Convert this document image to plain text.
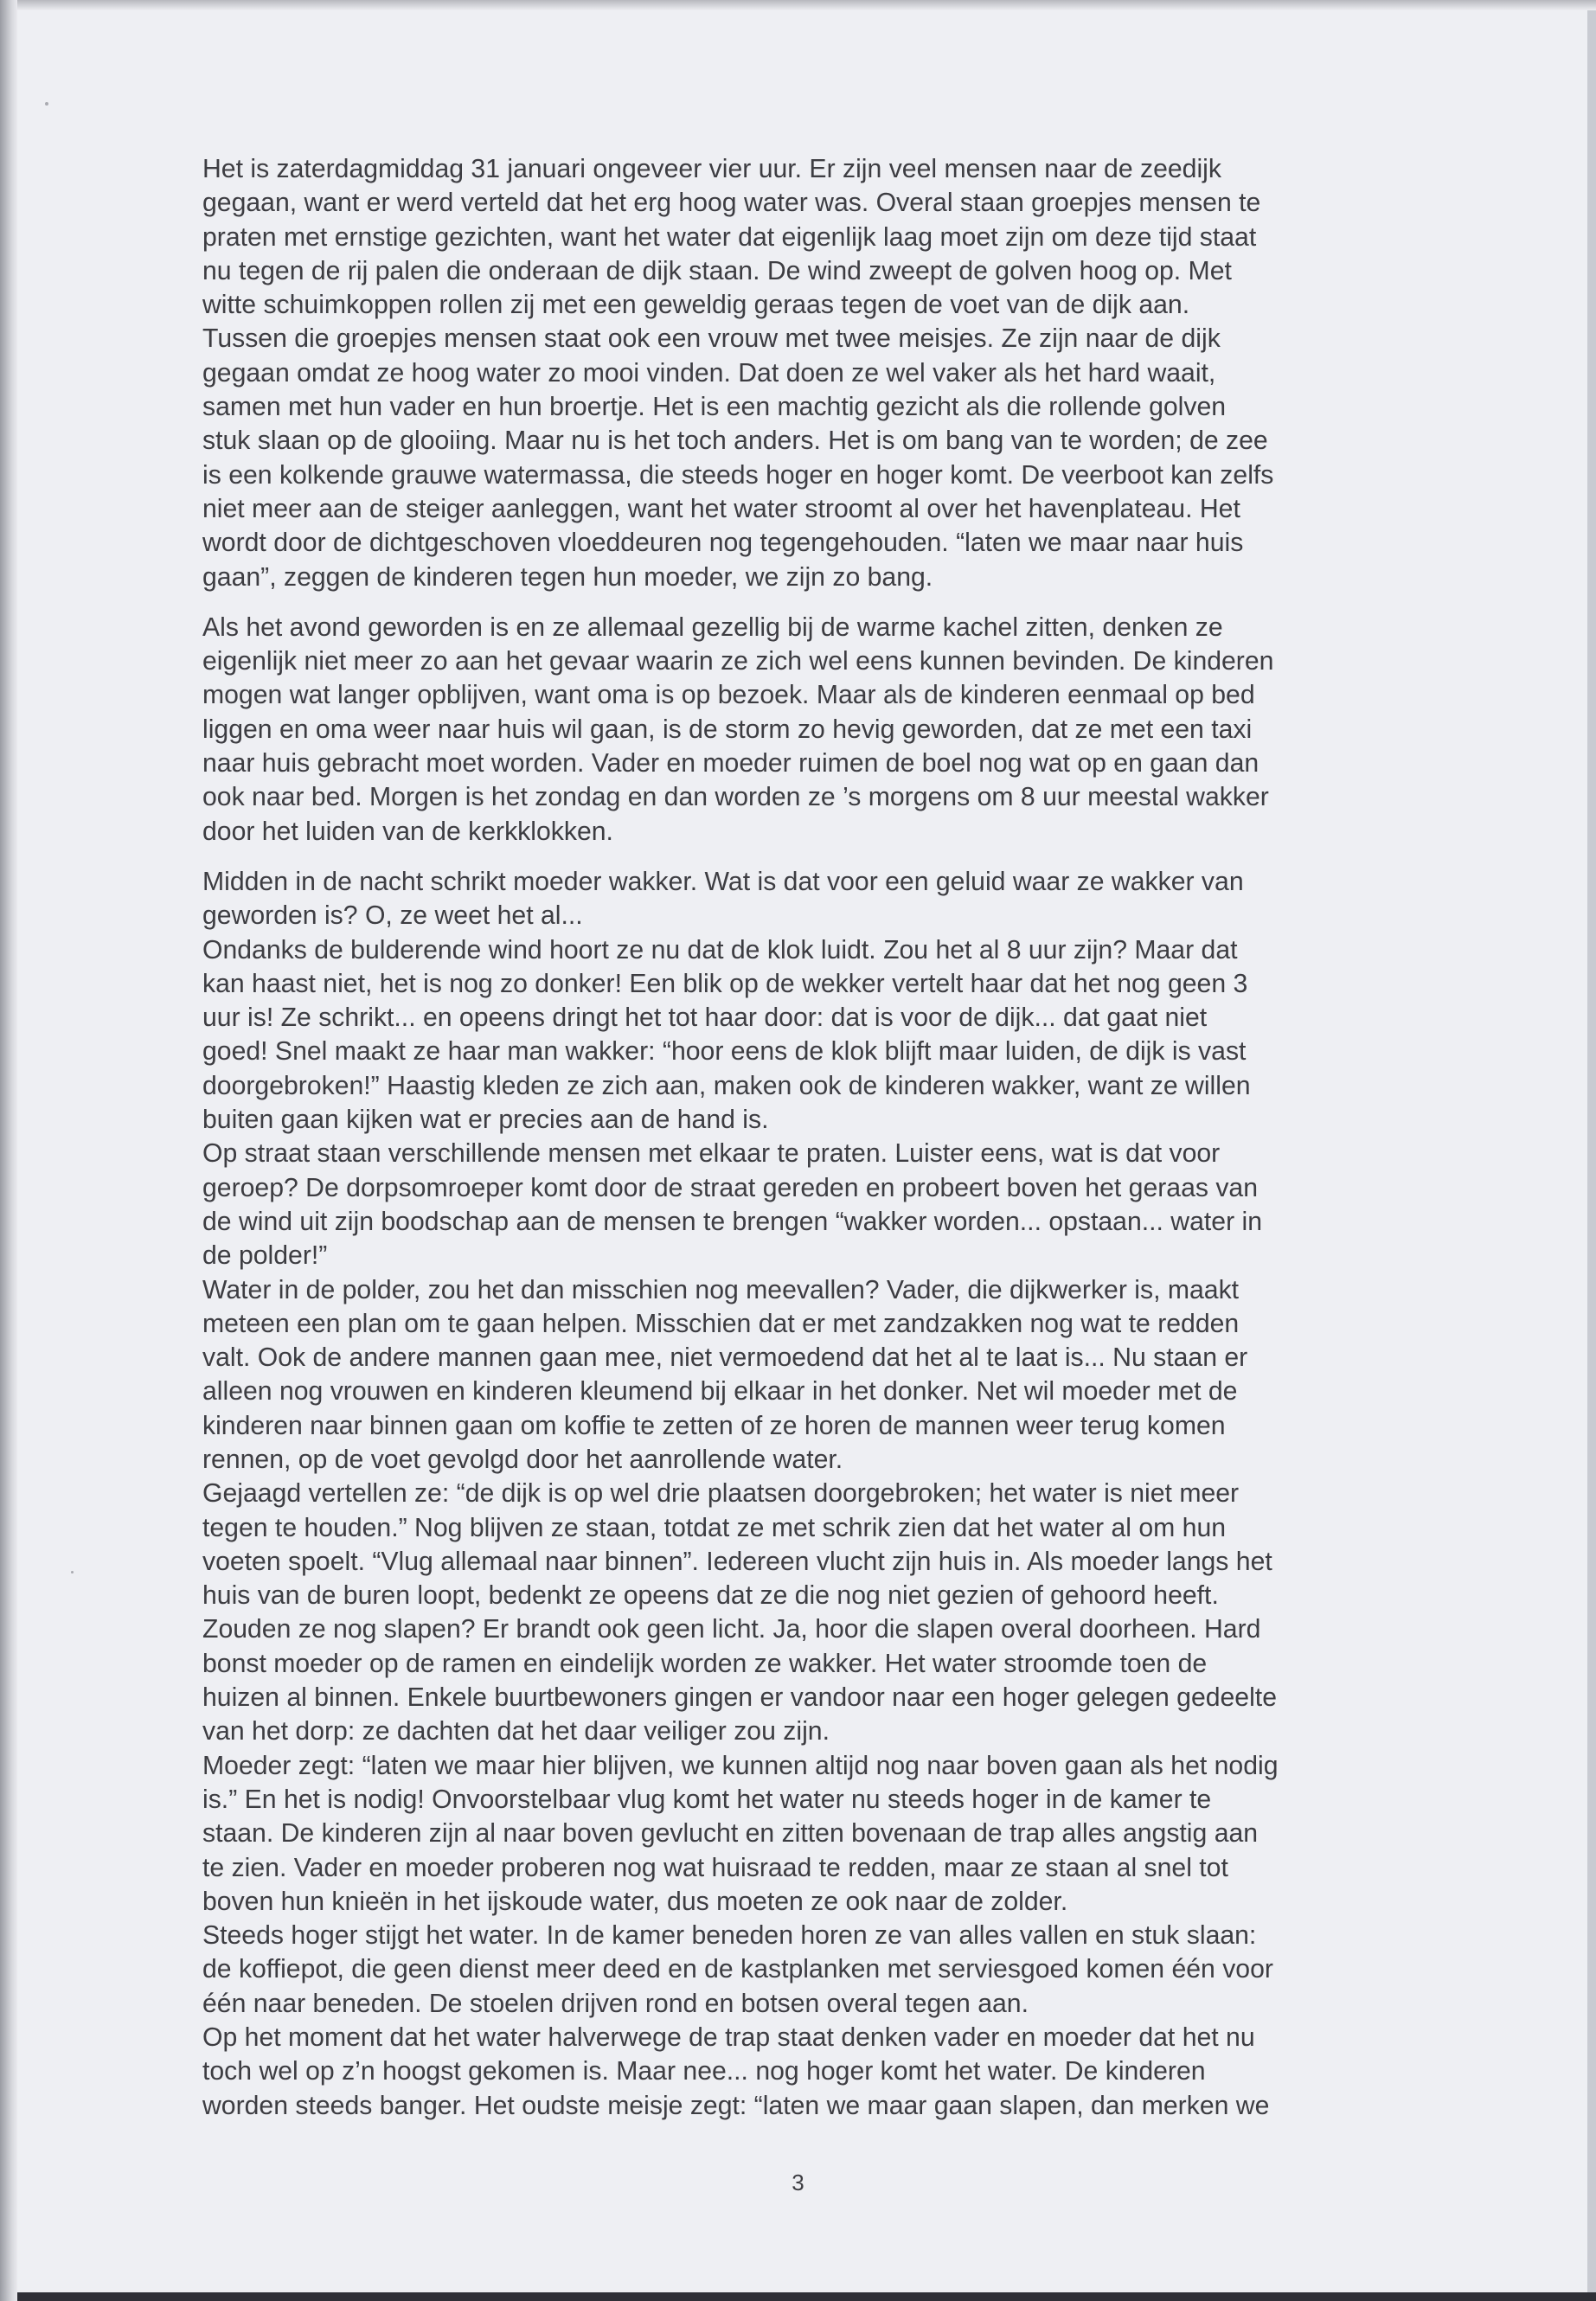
Het is zaterdagmiddag 31 januari ongeveer vier uur. Er zijn veel mensen naar de zeedijk
gegaan, want er werd verteld dat het erg hoog water was. Overal staan groepjes mensen te
praten met ernstige gezichten, want het water dat eigenlijk laag moet zijn om deze tijd staat
nu tegen de rij palen die onderaan de dijk staan. De wind zweept de golven hoog op. Met
witte schuimkoppen rollen zij met een geweldig geraas tegen de voet van de dijk aan.
Tussen die groepjes mensen staat ook een vrouw met twee meisjes. Ze zijn naar de dijk
gegaan omdat ze hoog water zo mooi vinden. Dat doen ze wel vaker als het hard waait,
samen met hun vader en hun broertje. Het is een machtig gezicht als die rollende golven
stuk slaan op de glooiing. Maar nu is het toch anders. Het is om bang van te worden; de zee
is een kolkende grauwe watermassa, die steeds hoger en hoger komt. De veerboot kan zelfs
niet meer aan de steiger aanleggen, want het water stroomt al over het havenplateau. Het
wordt door de dichtgeschoven vloeddeuren nog tegengehouden. “laten we maar naar huis
gaan”, zeggen de kinderen tegen hun moeder, we zijn zo bang.
Als het avond geworden is en ze allemaal gezellig bij de warme kachel zitten, denken ze
eigenlijk niet meer zo aan het gevaar waarin ze zich wel eens kunnen bevinden. De kinderen
mogen wat langer opblijven, want oma is op bezoek. Maar als de kinderen eenmaal op bed
liggen en oma weer naar huis wil gaan, is de storm zo hevig geworden, dat ze met een taxi
naar huis gebracht moet worden. Vader en moeder ruimen de boel nog wat op en gaan dan
ook naar bed. Morgen is het zondag en dan worden ze ’s morgens om 8 uur meestal wakker
door het luiden van de kerkklokken.
Midden in de nacht schrikt moeder wakker. Wat is dat voor een geluid waar ze wakker van
geworden is? O, ze weet het al...
Ondanks de bulderende wind hoort ze nu dat de klok luidt. Zou het al 8 uur zijn? Maar dat
kan haast niet, het is nog zo donker! Een blik op de wekker vertelt haar dat het nog geen 3
uur is! Ze schrikt... en opeens dringt het tot haar door: dat is voor de dijk... dat gaat niet
goed! Snel maakt ze haar man wakker: “hoor eens de klok blijft maar luiden, de dijk is vast
doorgebroken!” Haastig kleden ze zich aan, maken ook de kinderen wakker, want ze willen
buiten gaan kijken wat er precies aan de hand is.
Op straat staan verschillende mensen met elkaar te praten. Luister eens, wat is dat voor
geroep? De dorpsomroeper komt door de straat gereden en probeert boven het geraas van
de wind uit zijn boodschap aan de mensen te brengen “wakker worden... opstaan... water in
de polder!”
Water in de polder, zou het dan misschien nog meevallen? Vader, die dijkwerker is, maakt
meteen een plan om te gaan helpen. Misschien dat er met zandzakken nog wat te redden
valt. Ook de andere mannen gaan mee, niet vermoedend dat het al te laat is... Nu staan er
alleen nog vrouwen en kinderen kleumend bij elkaar in het donker. Net wil moeder met de
kinderen naar binnen gaan om koffie te zetten of ze horen de mannen weer terug komen
rennen, op de voet gevolgd door het aanrollende water.
Gejaagd vertellen ze: “de dijk is op wel drie plaatsen doorgebroken; het water is niet meer
tegen te houden.” Nog blijven ze staan, totdat ze met schrik zien dat het water al om hun
voeten spoelt. “Vlug allemaal naar binnen”. Iedereen vlucht zijn huis in. Als moeder langs het
huis van de buren loopt, bedenkt ze opeens dat ze die nog niet gezien of gehoord heeft.
Zouden ze nog slapen? Er brandt ook geen licht. Ja, hoor die slapen overal doorheen. Hard
bonst moeder op de ramen en eindelijk worden ze wakker. Het water stroomde toen de
huizen al binnen. Enkele buurtbewoners gingen er vandoor naar een hoger gelegen gedeelte
van het dorp: ze dachten dat het daar veiliger zou zijn.
Moeder zegt: “laten we maar hier blijven, we kunnen altijd nog naar boven gaan als het nodig
is.” En het is nodig! Onvoorstelbaar vlug komt het water nu steeds hoger in de kamer te
staan. De kinderen zijn al naar boven gevlucht en zitten bovenaan de trap alles angstig aan
te zien. Vader en moeder proberen nog wat huisraad te redden, maar ze staan al snel tot
boven hun knieën in het ijskoude water, dus moeten ze ook naar de zolder.
Steeds hoger stijgt het water. In de kamer beneden horen ze van alles vallen en stuk slaan:
de koffiepot, die geen dienst meer deed en de kastplanken met serviesgoed komen één voor
één naar beneden. De stoelen drijven rond en botsen overal tegen aan.
Op het moment dat het water halverwege de trap staat denken vader en moeder dat het nu
toch wel op z’n hoogst gekomen is. Maar nee... nog hoger komt het water. De kinderen
worden steeds banger. Het oudste meisje zegt: “laten we maar gaan slapen, dan merken we
3
